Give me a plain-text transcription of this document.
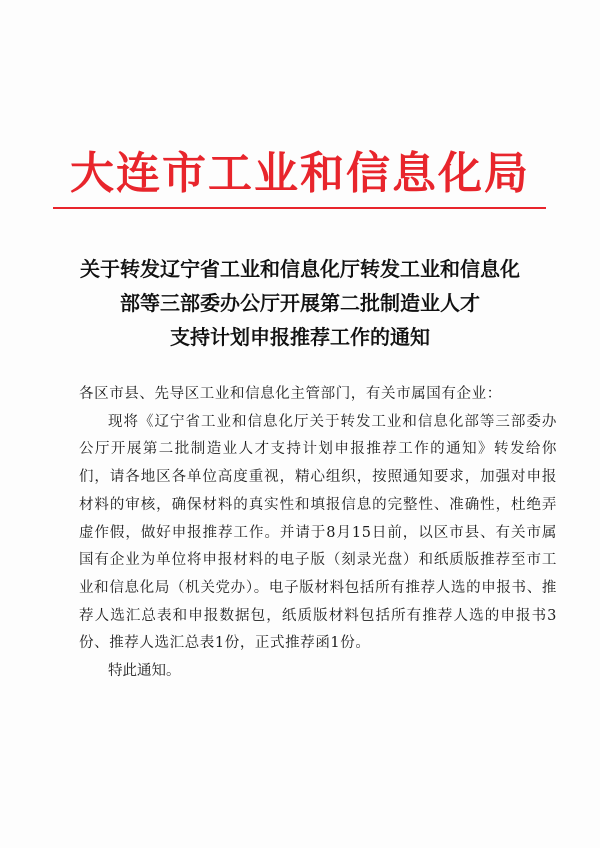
大连市工业和信息化局
关于转发辽宁省工业和信息化厅转发工业和信息化
部等三部委办公厅开展第二批制造业人才
支持计划申报推荐工作的通知
各区市县、先导区工业和信息化主管部门，有关市属国有企业：
现将《辽宁省工业和信息化厅关于转发工业和信息化部等三部委办公厅开展第二批制造业人才支持计划申报推荐工作的通知》转发给你们，请各地区各单位高度重视，精心组织，按照通知要求，加强对申报材料的审核，确保材料的真实性和填报信息的完整性、准确性，杜绝弄虚作假，做好申报推荐工作。并请于8月15日前，以区市县、有关市属国有企业为单位将申报材料的电子版（刻录光盘）和纸质版推荐至市工业和信息化局（机关党办）。电子版材料包括所有推荐人选的申报书、推荐人选汇总表和申报数据包，纸质版材料包括所有推荐人选的申报书3份、推荐人选汇总表1份，正式推荐函1份。
特此通知。
